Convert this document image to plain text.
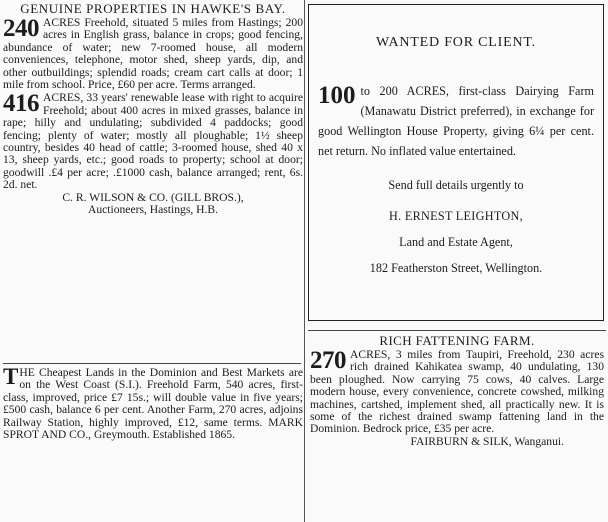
GENUINE PROPERTIES IN HAWKE'S BAY.

240 ACRES Freehold, situated 5 miles from Hastings; 200 acres in English grass, balance in crops; good fencing, abundance of water; new 7-roomed house, all modern conveniences, telephone, motor shed, sheep yards, dip, and other outbuildings; splendid roads; cream cart calls at door; 1 mile from school. Price, £60 per acre. Terms arranged.

416 ACRES, 33 years' renewable lease with right to acquire Freehold; about 400 acres in mixed grasses, balance in rape; hilly and undulating; subdivided 4 paddocks; good fencing; plenty of water; mostly all ploughable; 1½ sheep country, besides 40 head of cattle; 3-roomed house, shed 40 x 13, sheep yards, etc.; good roads to property; school at door; goodwill .£4 per acre; .£1000 cash, balance arranged; rent, 6s. 2d. net.

C. R. WILSON & CO. (GILL BROS.),

Auctioneers, Hastings, H.B.

T HE Cheapest Lands in the Dominion and Best Markets are on the West Coast (S.I.). Freehold Farm, 540 acres, first-class, improved, price £7 15s.; will double value in five years; £500 cash, balance 6 per cent. Another Farm, 270 acres, adjoins Railway Station, highly improved, £12, same terms. MARK SPROT AND CO., Greymouth. Established 1865.

WANTED FOR CLIENT.

100 to 200 ACRES, first-class Dairying Farm (Manawatu District preferred), in exchange for good Wellington House Property, giving 6¼ per cent. net return. No inflated value entertained.

Send full details urgently to

H. ERNEST LEIGHTON,

Land and Estate Agent,

182 Featherston Street, Wellington.

RICH FATTENING FARM.

270 ACRES, 3 miles from Taupiri, Freehold, 230 acres rich drained Kahikatea swamp, 40 undulating, 130 been ploughed. Now carrying 75 cows, 40 calves. Large modern house, every convenience, concrete cowshed, milking machines, cartshed, implement shed, all practically new. It is some of the richest drained swamp fattening land in the Dominion. Bedrock price, £35 per acre.

FAIRBURN & SILK, Wanganui.
